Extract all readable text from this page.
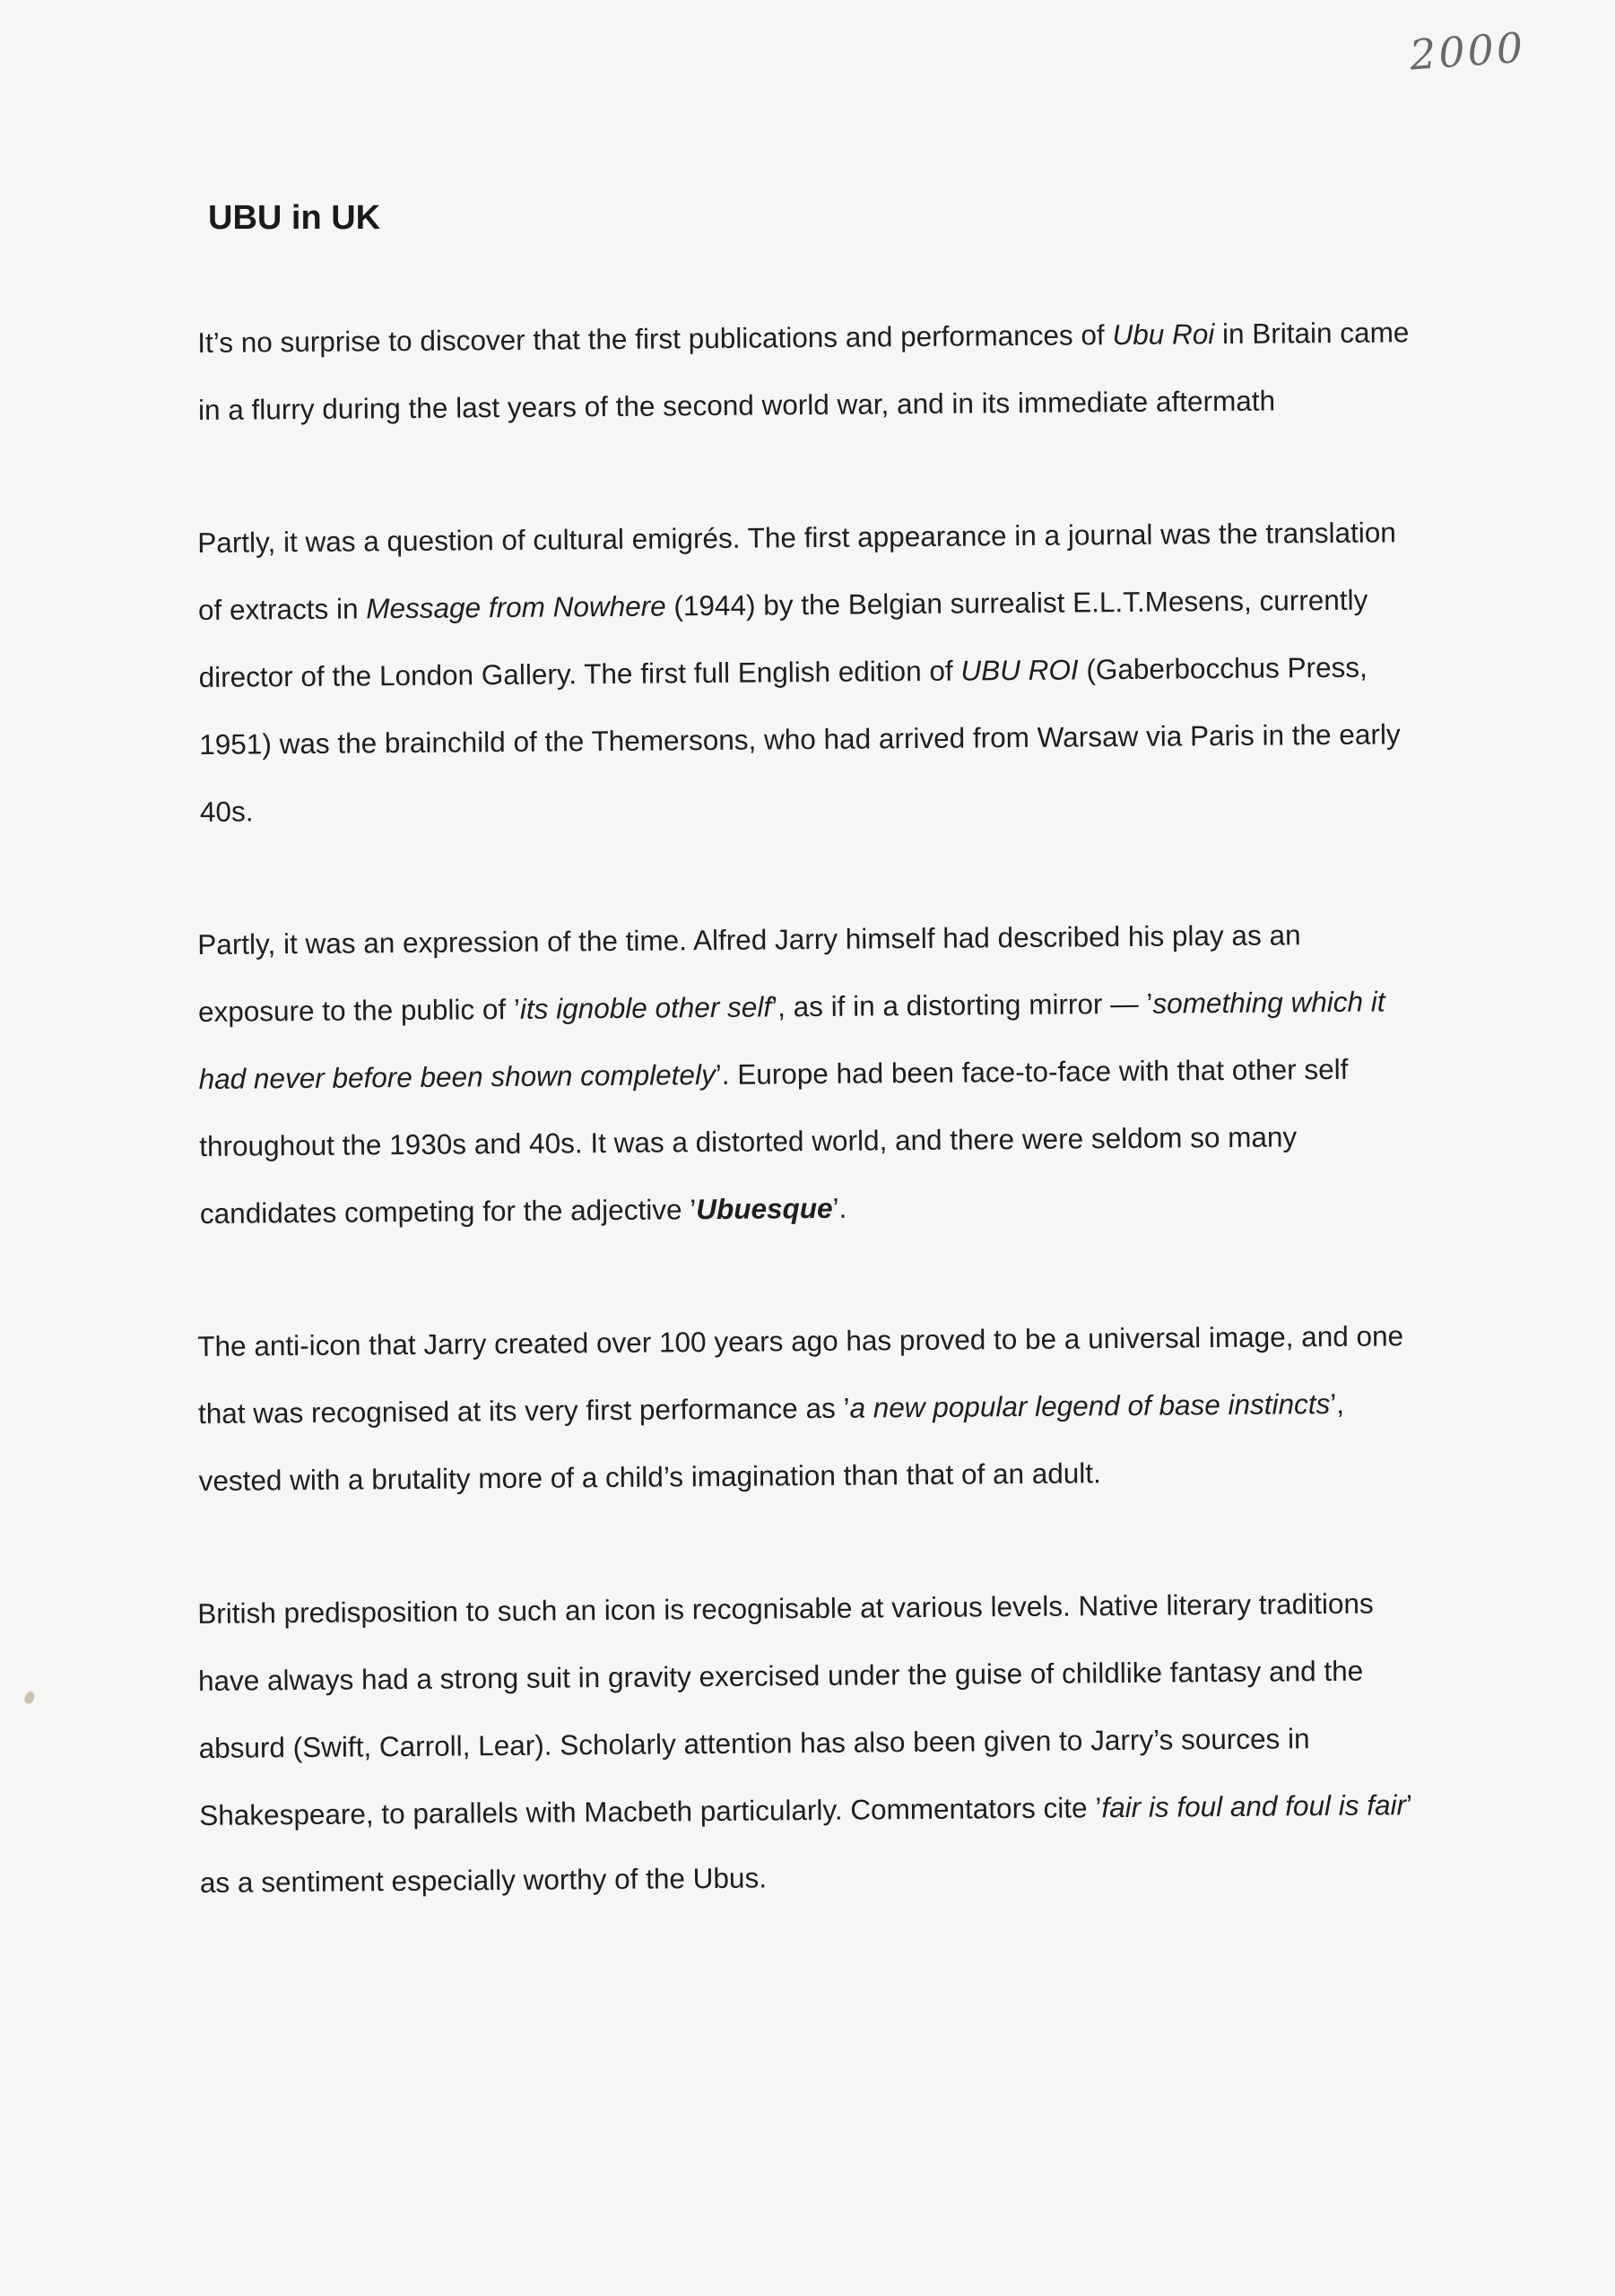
2000
UBU in UK

It’s no surprise to discover that the first publications and performances of Ubu Roi in Britain came in a flurry during the last years of the second world war, and in its immediate aftermath

Partly, it was a question of cultural emigrés. The first appearance in a journal was the translation of extracts in Message from Nowhere (1944) by the Belgian surrealist E.L.T.Mesens, currently director of the London Gallery. The first full English edition of UBU ROI (Gaberbocchus Press, 1951) was the brainchild of the Themersons, who had arrived from Warsaw via Paris in the early 40s.

Partly, it was an expression of the time. Alfred Jarry himself had described his play as an exposure to the public of ’its ignoble other self’, as if in a distorting mirror — ’something which it had never before been shown completely’. Europe had been face-to-face with that other self throughout the 1930s and 40s. It was a distorted world, and there were seldom so many candidates competing for the adjective ’Ubuesque’.

The anti-icon that Jarry created over 100 years ago has proved to be a universal image, and one that was recognised at its very first performance as ’a new popular legend of base instincts’, vested with a brutality more of a child’s imagination than that of an adult.

British predisposition to such an icon is recognisable at various levels. Native literary traditions have always had a strong suit in gravity exercised under the guise of childlike fantasy and the absurd (Swift, Carroll, Lear). Scholarly attention has also been given to Jarry’s sources in Shakespeare, to parallels with Macbeth particularly. Commentators cite ’fair is foul and foul is fair’ as a sentiment especially worthy of the Ubus.
